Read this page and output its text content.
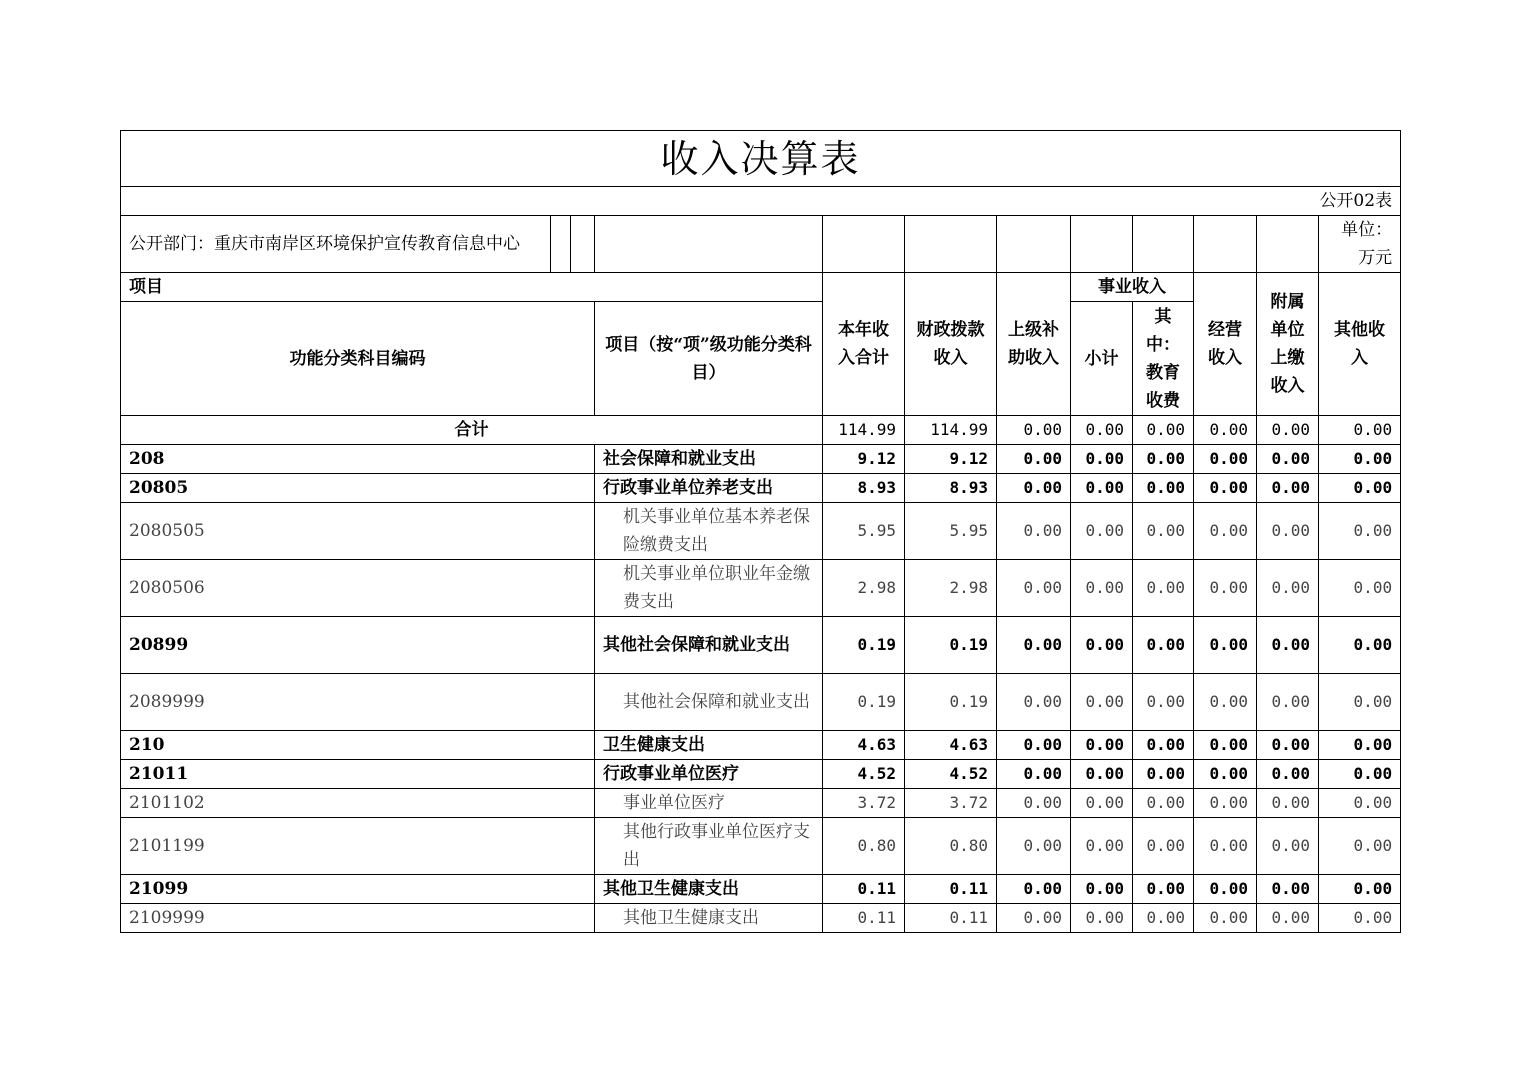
收入决算表											
公开02表											
公开部门：重庆市南岸区环境保护宣传教育信息中心											单位：万元
项目				本年收入合计	财政拨款收入	上级补助收入	事业收入		经营收入	附属单位上缴收入	其他收入
功能分类科目编码			项目（按“项”级功能分类科目）				小计	其中：教育收费			
合计				114.99	114.99	0.00	0.00	0.00	0.00	0.00	0.00
208			社会保障和就业支出	9.12	9.12	0.00	0.00	0.00	0.00	0.00	0.00
20805			行政事业单位养老支出	8.93	8.93	0.00	0.00	0.00	0.00	0.00	0.00
2080505			机关事业单位基本养老保险缴费支出	5.95	5.95	0.00	0.00	0.00	0.00	0.00	0.00
2080506			机关事业单位职业年金缴费支出	2.98	2.98	0.00	0.00	0.00	0.00	0.00	0.00
20899			其他社会保障和就业支出	0.19	0.19	0.00	0.00	0.00	0.00	0.00	0.00
2089999			其他社会保障和就业支出	0.19	0.19	0.00	0.00	0.00	0.00	0.00	0.00
210			卫生健康支出	4.63	4.63	0.00	0.00	0.00	0.00	0.00	0.00
21011			行政事业单位医疗	4.52	4.52	0.00	0.00	0.00	0.00	0.00	0.00
2101102			事业单位医疗	3.72	3.72	0.00	0.00	0.00	0.00	0.00	0.00
2101199			其他行政事业单位医疗支出	0.80	0.80	0.00	0.00	0.00	0.00	0.00	0.00
21099			其他卫生健康支出	0.11	0.11	0.00	0.00	0.00	0.00	0.00	0.00
2109999			其他卫生健康支出	0.11	0.11	0.00	0.00	0.00	0.00	0.00	0.00
